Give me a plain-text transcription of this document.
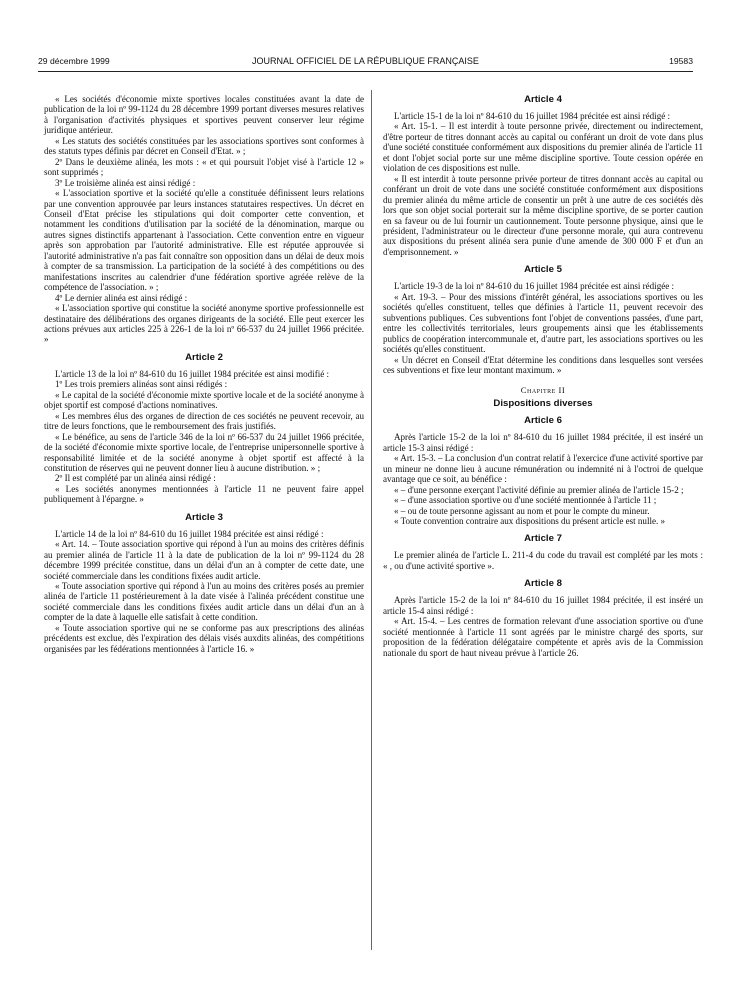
29 décembre 1999	JOURNAL OFFICIEL DE LA RÉPUBLIQUE FRANÇAISE	19583

« Les sociétés d'économie mixte sportives locales constituées avant la date de publication de la loi nº 99-1124 du 28 décembre 1999 portant diverses mesures relatives à l'organisation d'activités physiques et sportives peuvent conserver leur régime juridique antérieur.

« Les statuts des sociétés constituées par les associations sportives sont conformes à des statuts types définis par décret en Conseil d'Etat. » ;

2º Dans le deuxième alinéa, les mots : « et qui poursuit l'objet visé à l'article 12 » sont supprimés ;

3º Le troisième alinéa est ainsi rédigé :

« L'association sportive et la société qu'elle a constituée définissent leurs relations par une convention approuvée par leurs instances statutaires respectives. Un décret en Conseil d'Etat précise les stipulations qui doit comporter cette convention, et notamment les conditions d'utilisation par la société de la dénomination, marque ou autres signes distinctifs appartenant à l'association. Cette convention entre en vigueur après son approbation par l'autorité administrative. Elle est réputée approuvée si l'autorité administrative n'a pas fait connaître son opposition dans un délai de deux mois à compter de sa transmission. La participation de la société à des compétitions ou des manifestations inscrites au calendrier d'une fédération sportive agréée relève de la compétence de l'association. » ;

4º Le dernier alinéa est ainsi rédigé :

« L'association sportive qui constitue la société anonyme sportive professionnelle est destinataire des délibérations des organes dirigeants de la société. Elle peut exercer les actions prévues aux articles 225 à 226-1 de la loi nº 66-537 du 24 juillet 1966 précitée. »

Article 2

L'article 13 de la loi nº 84-610 du 16 juillet 1984 précitée est ainsi modifié :

1º Les trois premiers alinéas sont ainsi rédigés :

« Le capital de la société d'économie mixte sportive locale et de la société anonyme à objet sportif est composé d'actions nominatives.

« Les membres élus des organes de direction de ces sociétés ne peuvent recevoir, au titre de leurs fonctions, que le remboursement des frais justifiés.

« Le bénéfice, au sens de l'article 346 de la loi nº 66-537 du 24 juillet 1966 précitée, de la société d'économie mixte sportive locale, de l'entreprise unipersonnelle sportive à responsabilité limitée et de la société anonyme à objet sportif est affecté à la constitution de réserves qui ne peuvent donner lieu à aucune distribution. » ;

2º Il est complété par un alinéa ainsi rédigé :

« Les sociétés anonymes mentionnées à l'article 11 ne peuvent faire appel publiquement à l'épargne. »

Article 3

L'article 14 de la loi nº 84-610 du 16 juillet 1984 précitée est ainsi rédigé :

« Art. 14. – Toute association sportive qui répond à l'un au moins des critères définis au premier alinéa de l'article 11 à la date de publication de la loi nº 99-1124 du 28 décembre 1999 précitée constitue, dans un délai d'un an à compter de cette date, une société commerciale dans les conditions fixées audit article.

« Toute association sportive qui répond à l'un au moins des critères posés au premier alinéa de l'article 11 postérieurement à la date visée à l'alinéa précédent constitue une société commerciale dans les conditions fixées audit article dans un délai d'un an à compter de la date à laquelle elle satisfait à cette condition.

« Toute association sportive qui ne se conforme pas aux prescriptions des alinéas précédents est exclue, dès l'expiration des délais visés auxdits alinéas, des compétitions organisées par les fédérations mentionnées à l'article 16. »

Article 4

L'article 15-1 de la loi nº 84-610 du 16 juillet 1984 précitée est ainsi rédigé :

« Art. 15-1. – Il est interdit à toute personne privée, directement ou indirectement, d'être porteur de titres donnant accès au capital ou conférant un droit de vote dans plus d'une société constituée conformément aux dispositions du premier alinéa de l'article 11 et dont l'objet social porte sur une même discipline sportive. Toute cession opérée en violation de ces dispositions est nulle.

« Il est interdit à toute personne privée porteur de titres donnant accès au capital ou conférant un droit de vote dans une société constituée conformément aux dispositions du premier alinéa du même article de consentir un prêt à une autre de ces sociétés dès lors que son objet social porterait sur la même discipline sportive, de se porter caution en sa faveur ou de lui fournir un cautionnement. Toute personne physique, ainsi que le président, l'administrateur ou le directeur d'une personne morale, qui aura contrevenu aux dispositions du présent alinéa sera punie d'une amende de 300 000 F et d'un an d'emprisonnement. »

Article 5

L'article 19-3 de la loi nº 84-610 du 16 juillet 1984 précitée est ainsi rédigée :

« Art. 19-3. – Pour des missions d'intérêt général, les associations sportives ou les sociétés qu'elles constituent, telles que définies à l'article 11, peuvent recevoir des subventions publiques. Ces subventions font l'objet de conventions passées, d'une part, entre les collectivités territoriales, leurs groupements ainsi que les établissements publics de coopération intercommunale et, d'autre part, les associations sportives ou les sociétés qu'elles constituent.

« Un décret en Conseil d'Etat détermine les conditions dans lesquelles sont versées ces subventions et fixe leur montant maximum. »

Chapitre II
Dispositions diverses
Article 6

Après l'article 15-2 de la loi nº 84-610 du 16 juillet 1984 précitée, il est inséré un article 15-3 ainsi rédigé :

« Art. 15-3. – La conclusion d'un contrat relatif à l'exercice d'une activité sportive par un mineur ne donne lieu à aucune rémunération ou indemnité ni à l'octroi de quelque avantage que ce soit, au bénéfice :

« – d'une personne exerçant l'activité définie au premier alinéa de l'article 15-2 ;
« – d'une association sportive ou d'une société mentionnée à l'article 11 ;
« – ou de toute personne agissant au nom et pour le compte du mineur.

« Toute convention contraire aux dispositions du présent article est nulle. »

Article 7

Le premier alinéa de l'article L. 211-4 du code du travail est complété par les mots : « , ou d'une activité sportive ».

Article 8

Après l'article 15-2 de la loi nº 84-610 du 16 juillet 1984 précitée, il est inséré un article 15-4 ainsi rédigé :

« Art. 15-4. – Les centres de formation relevant d'une association sportive ou d'une société mentionnée à l'article 11 sont agréés par le ministre chargé des sports, sur proposition de la fédération délégataire compétente et après avis de la Commission nationale du sport de haut niveau prévue à l'article 26.
